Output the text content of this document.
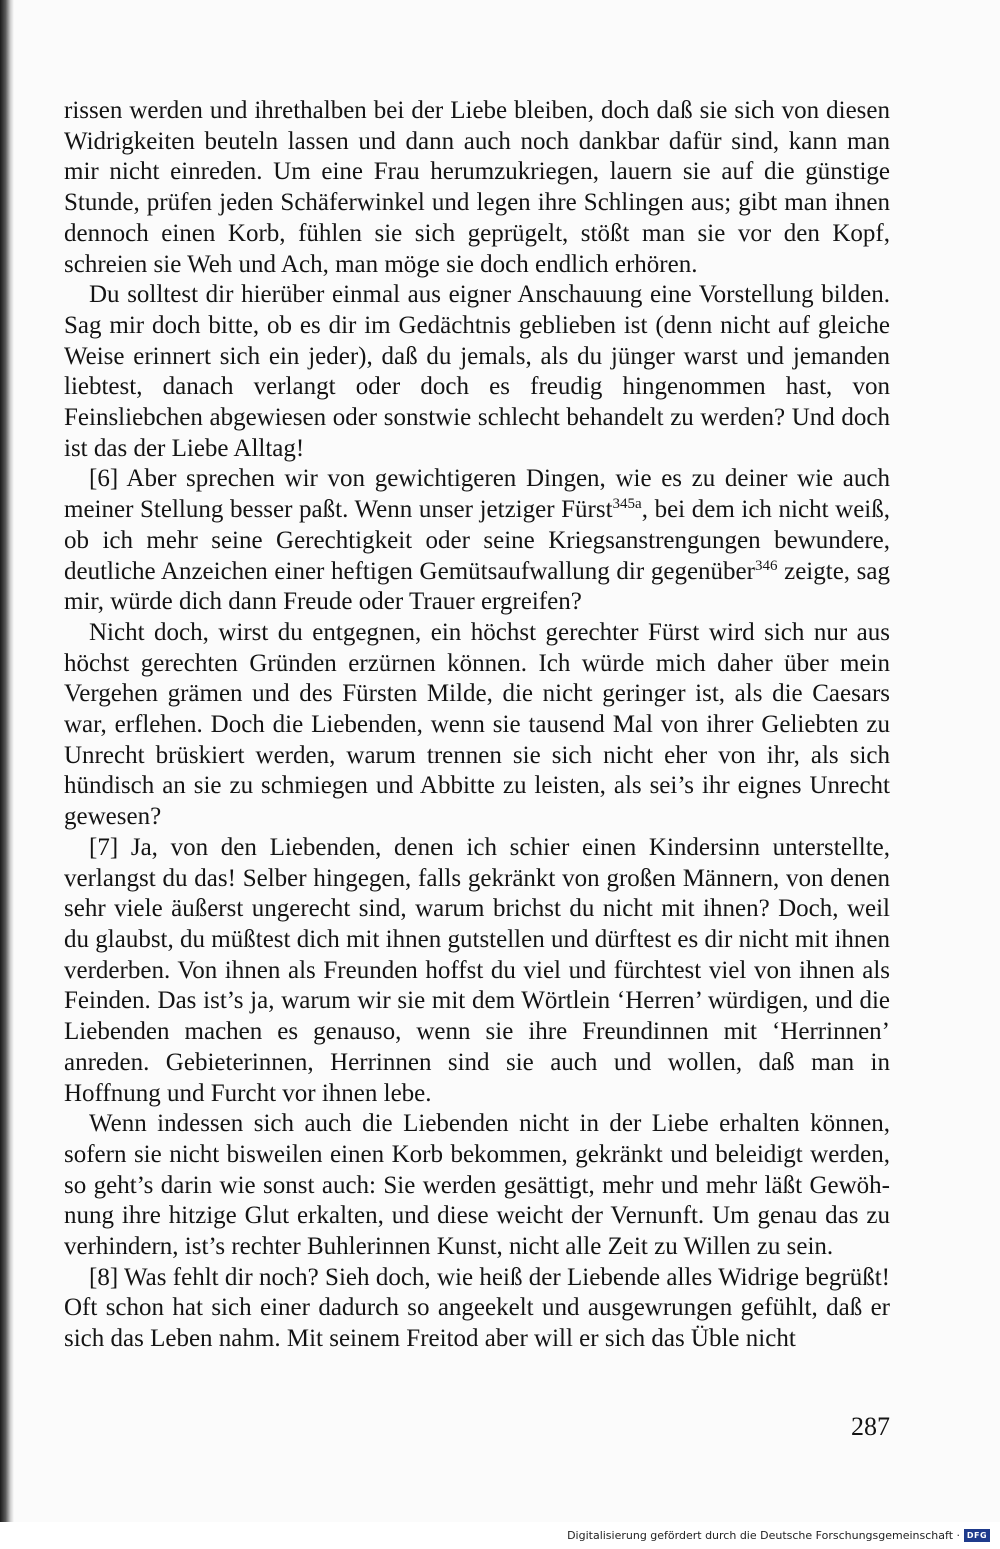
rissen werden und ihrethalben bei der Liebe bleiben, doch daß sie sich von diesen Widrigkeiten beuteln lassen und dann auch noch dankbar dafür sind, kann man mir nicht einreden. Um eine Frau herumzukriegen, lauern sie auf die günstige Stunde, prüfen jeden Schäferwinkel und legen ihre Schlingen aus; gibt man ihnen dennoch einen Korb, fühlen sie sich geprügelt, stößt man sie vor den Kopf, schreien sie Weh und Ach, man möge sie doch endlich erhören.

Du solltest dir hierüber einmal aus eigner Anschauung eine Vorstellung bilden. Sag mir doch bitte, ob es dir im Gedächtnis geblieben ist (denn nicht auf gleiche Weise erinnert sich ein jeder), daß du jemals, als du jünger warst und jemanden liebtest, danach verlangt oder doch es freudig hingenommen hast, von Feinsliebchen abgewiesen oder sonstwie schlecht behandelt zu werden? Und doch ist das der Liebe Alltag!

[6] Aber sprechen wir von gewichtigeren Dingen, wie es zu deiner wie auch meiner Stellung besser paßt. Wenn unser jetziger Fürst$^{345a}$, bei dem ich nicht weiß, ob ich mehr seine Gerechtigkeit oder seine Kriegsanstrengungen bewundere, deutliche Anzeichen einer heftigen Gemütsaufwallung dir gegenüber$^{346}$ zeigte, sag mir, würde dich dann Freude oder Trauer ergreifen?

Nicht doch, wirst du entgegnen, ein höchst gerechter Fürst wird sich nur aus höchst gerechten Gründen erzürnen können. Ich würde mich daher über mein Vergehen grämen und des Fürsten Milde, die nicht geringer ist, als die Caesars war, erflehen. Doch die Liebenden, wenn sie tausend Mal von ihrer Geliebten zu Unrecht brüskiert werden, warum trennen sie sich nicht eher von ihr, als sich hündisch an sie zu schmiegen und Abbitte zu leisten, als sei’s ihr eignes Unrecht gewesen?

[7] Ja, von den Liebenden, denen ich schier einen Kindersinn unterstellte, verlangst du das! Selber hingegen, falls gekränkt von großen Männern, von denen sehr viele äußerst ungerecht sind, warum brichst du nicht mit ihnen? Doch, weil du glaubst, du müßtest dich mit ihnen gutstellen und dürftest es dir nicht mit ihnen verderben. Von ihnen als Freunden hoffst du viel und fürchtest viel von ihnen als Feinden. Das ist’s ja, warum wir sie mit dem Wörtlein ‘Herren’ würdigen, und die Liebenden machen es genauso, wenn sie ihre Freundinnen mit ‘Herrinnen’ anreden. Gebieterinnen, Herrinnen sind sie auch und wollen, daß man in Hoffnung und Furcht vor ihnen lebe.

Wenn indessen sich auch die Liebenden nicht in der Liebe erhalten können, sofern sie nicht bisweilen einen Korb bekommen, gekränkt und beleidigt werden, so geht’s darin wie sonst auch: Sie werden gesättigt, mehr und mehr läßt Gewöhnung ihre hitzige Glut erkalten, und diese weicht der Vernunft. Um genau das zu verhindern, ist’s rechter Buhlerinnen Kunst, nicht alle Zeit zu Willen zu sein.

[8] Was fehlt dir noch? Sieh doch, wie heiß der Liebende alles Widrige begrüßt! Oft schon hat sich einer dadurch so angeekelt und ausgewrungen gefühlt, daß er sich das Leben nahm. Mit seinem Freitod aber will er sich das Üble nicht

287
Digitalisierung gefördert durch die Deutsche Forschungsgemeinschaft · DFG
